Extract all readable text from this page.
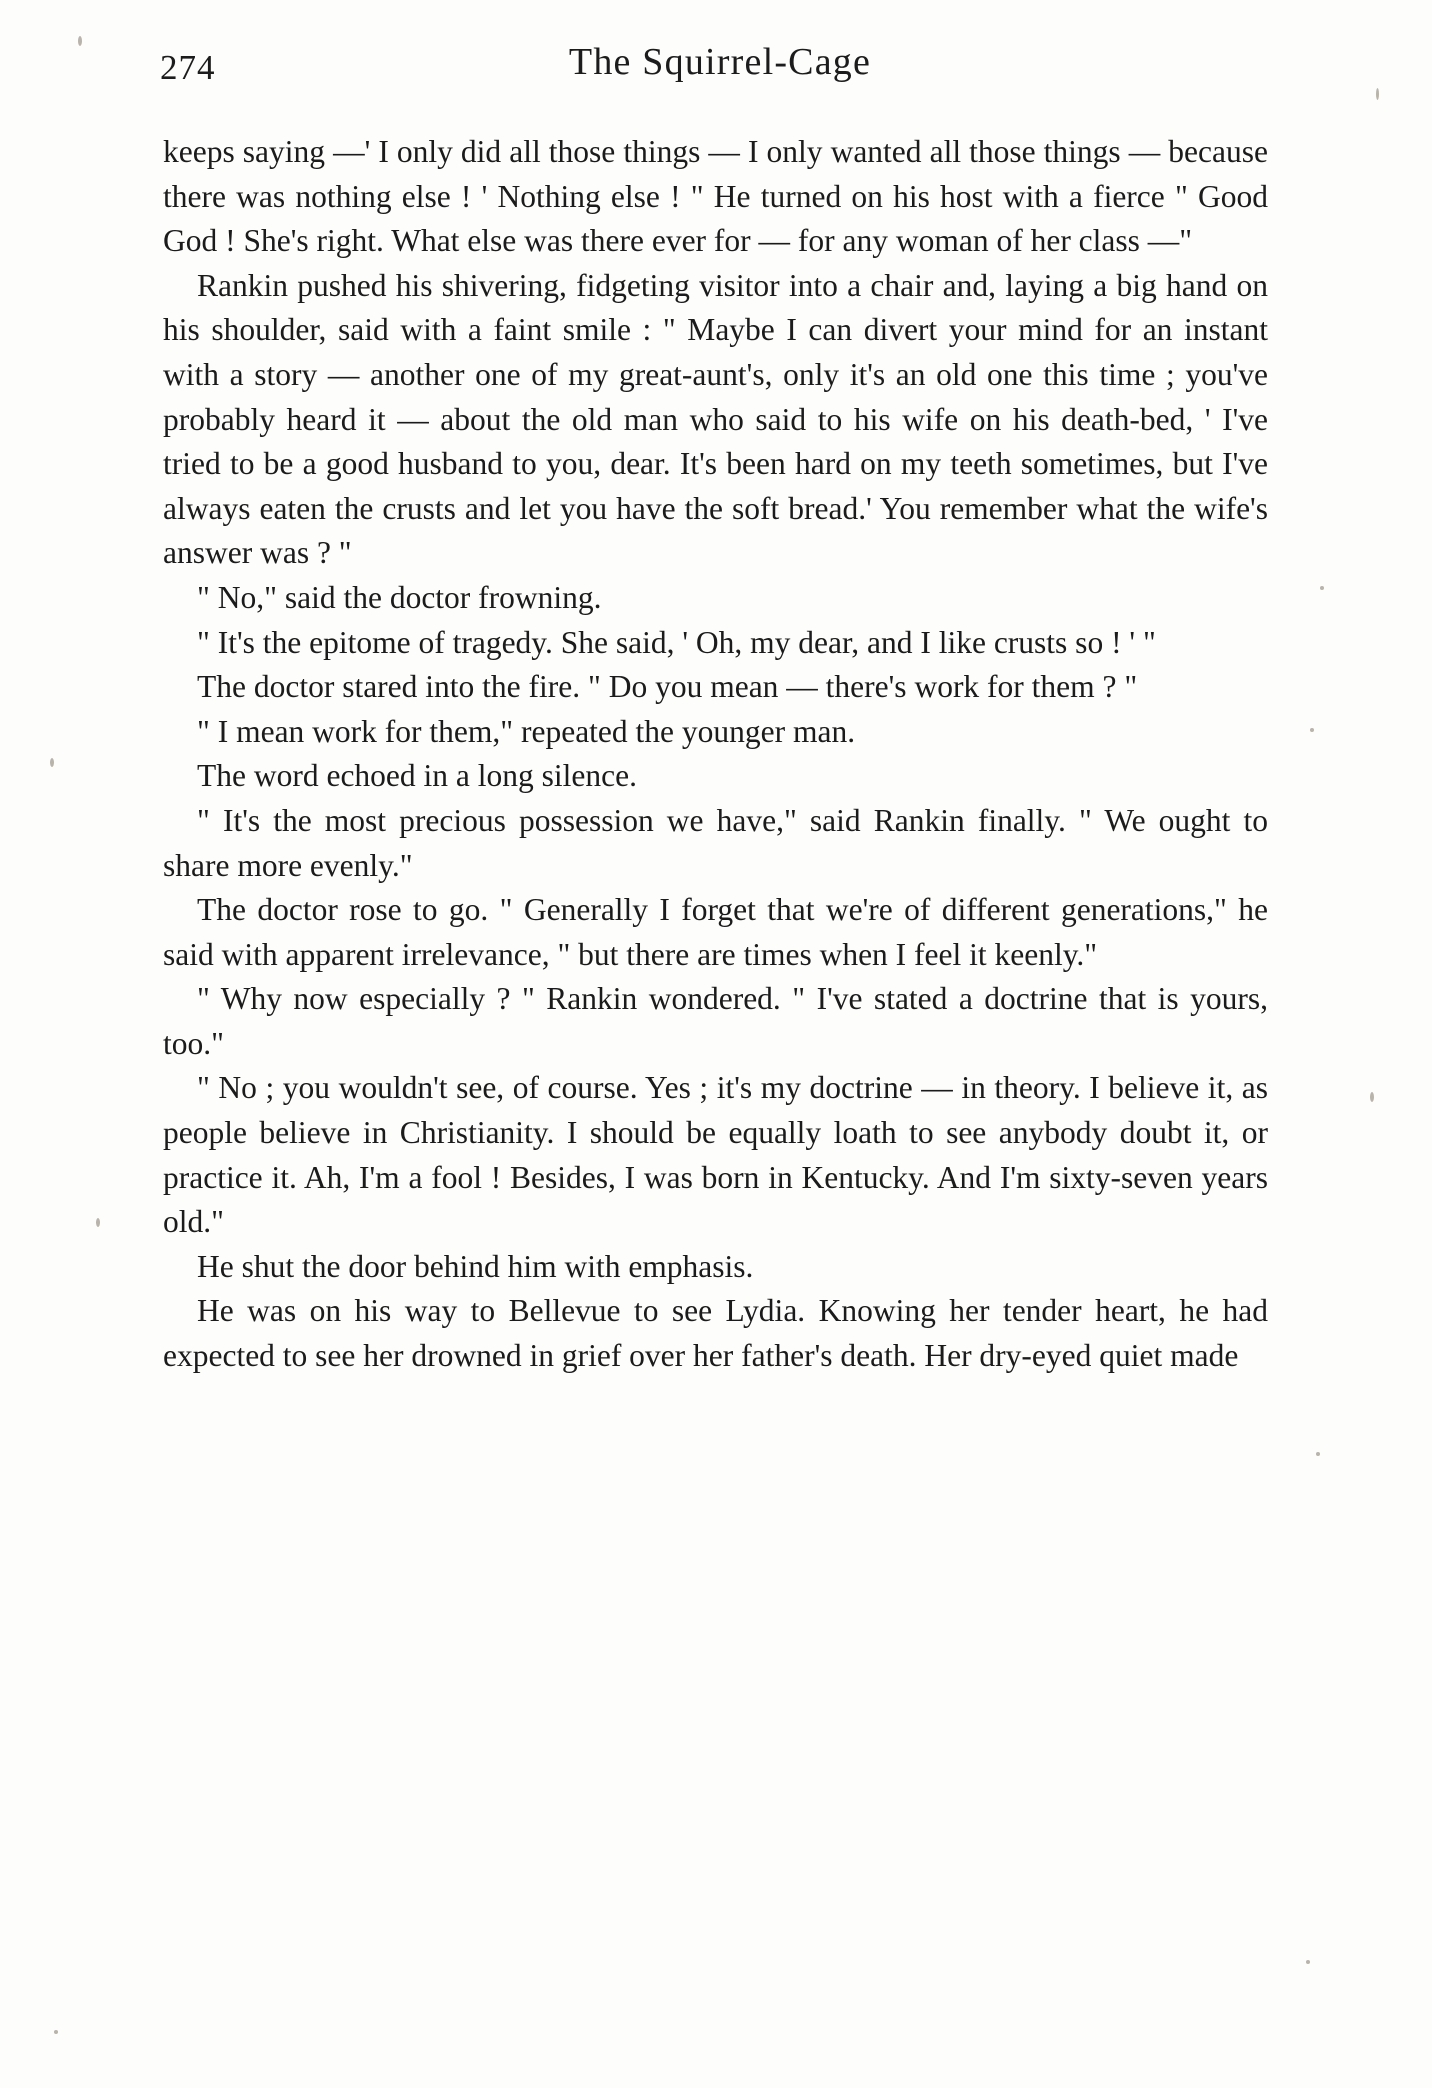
274	The Squirrel-Cage

keeps saying —' I only did all those things — I only wanted all those things — because there was nothing else ! ' Nothing else ! " He turned on his host with a fierce " Good God ! She's right. What else was there ever for — for any woman of her class —"

Rankin pushed his shivering, fidgeting visitor into a chair and, laying a big hand on his shoulder, said with a faint smile : " Maybe I can divert your mind for an instant with a story — another one of my great-aunt's, only it's an old one this time ; you've probably heard it — about the old man who said to his wife on his death-bed, ' I've tried to be a good husband to you, dear. It's been hard on my teeth sometimes, but I've always eaten the crusts and let you have the soft bread.' You remember what the wife's answer was ? "

" No," said the doctor frowning.

" It's the epitome of tragedy. She said, ' Oh, my dear, and I like crusts so ! ' "

The doctor stared into the fire. " Do you mean — there's work for them ? "

" I mean work for them," repeated the younger man.

The word echoed in a long silence.

" It's the most precious possession we have," said Rankin finally. " We ought to share more evenly."

The doctor rose to go. " Generally I forget that we're of different generations," he said with apparent irrelevance, " but there are times when I feel it keenly."

" Why now especially ? " Rankin wondered. " I've stated a doctrine that is yours, too."

" No ; you wouldn't see, of course. Yes ; it's my doctrine — in theory. I believe it, as people believe in Christianity. I should be equally loath to see anybody doubt it, or practice it. Ah, I'm a fool ! Besides, I was born in Kentucky. And I'm sixty-seven years old."

He shut the door behind him with emphasis.

He was on his way to Bellevue to see Lydia. Knowing her tender heart, he had expected to see her drowned in grief over her father's death. Her dry-eyed quiet made
